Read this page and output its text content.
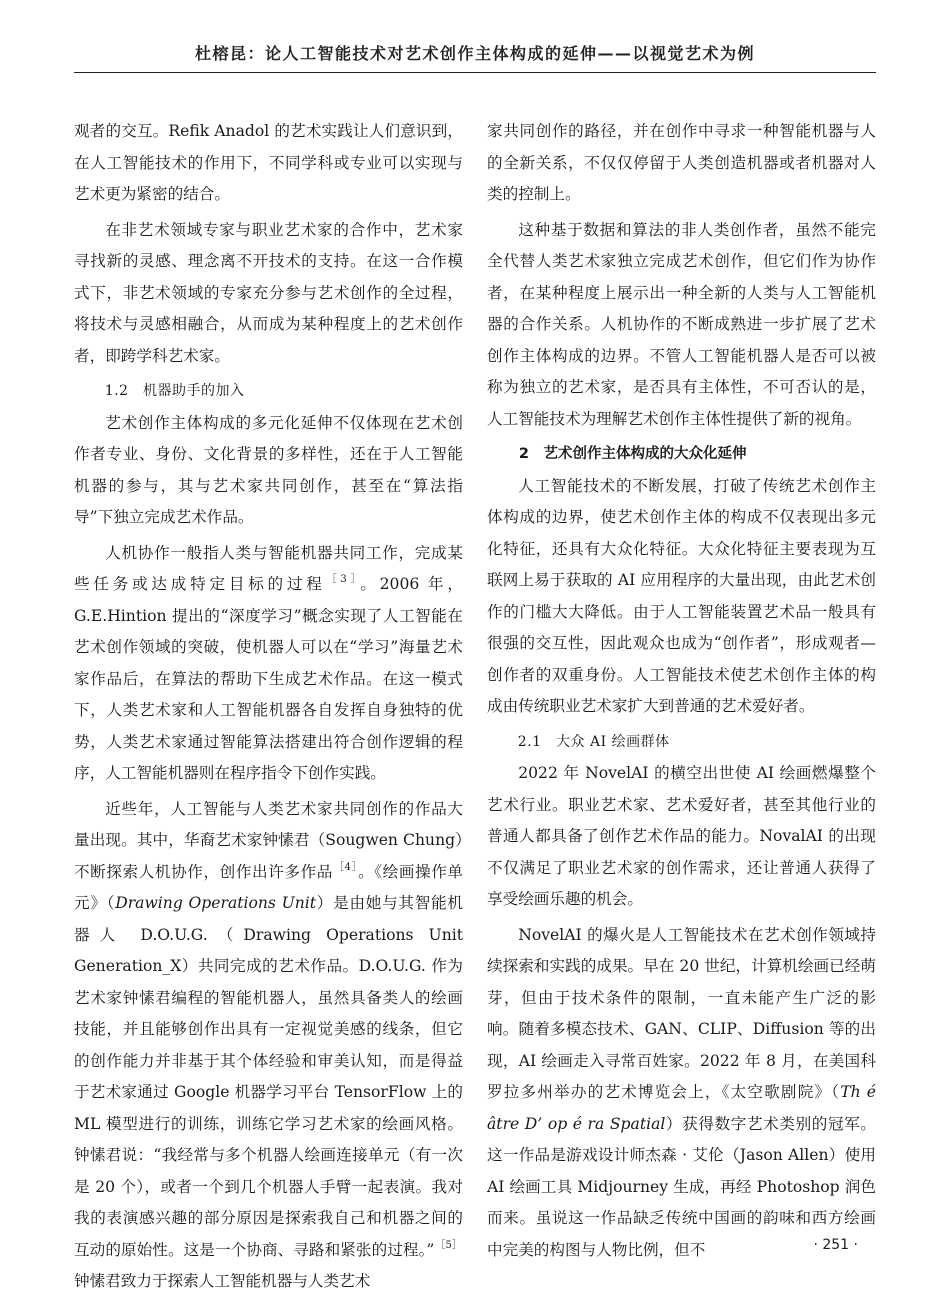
杜榕昆：论人工智能技术对艺术创作主体构成的延伸——以视觉艺术为例

观者的交互。Refik Anadol 的艺术实践让人们意识到，在人工智能技术的作用下，不同学科或专业可以实现与艺术更为紧密的结合。

在非艺术领域专家与职业艺术家的合作中，艺术家寻找新的灵感、理念离不开技术的支持。在这一合作模式下，非艺术领域的专家充分参与艺术创作的全过程，将技术与灵感相融合，从而成为某种程度上的艺术创作者，即跨学科艺术家。

1.2　机器助手的加入

艺术创作主体构成的多元化延伸不仅体现在艺术创作者专业、身份、文化背景的多样性，还在于人工智能机器的参与，其与艺术家共同创作，甚至在“算法指导”下独立完成艺术作品。

人机协作一般指人类与智能机器共同工作，完成某些任务或达成特定目标的过程$^{[3]}$。2006 年，G.E.Hintion 提出的“深度学习”概念实现了人工智能在艺术创作领域的突破，使机器人可以在“学习”海量艺术家作品后，在算法的帮助下生成艺术作品。在这一模式下，人类艺术家和人工智能机器各自发挥自身独特的优势，人类艺术家通过智能算法搭建出符合创作逻辑的程序，人工智能机器则在程序指令下创作实践。

近些年，人工智能与人类艺术家共同创作的作品大量出现。其中，华裔艺术家钟愫君（Sougwen Chung）不断探索人机协作，创作出许多作品$^{[4]}$。《绘画操作单元》（Drawing Operations Unit）是由她与其智能机器人 D.O.U.G.（Drawing Operations Unit Generation_X）共同完成的艺术作品。D.O.U.G. 作为艺术家钟愫君编程的智能机器人，虽然具备类人的绘画技能，并且能够创作出具有一定视觉美感的线条，但它的创作能力并非基于其个体经验和审美认知，而是得益于艺术家通过 Google 机器学习平台 TensorFlow 上的 ML 模型进行的训练，训练它学习艺术家的绘画风格。钟愫君说：“我经常与多个机器人绘画连接单元（有一次是 20 个），或者一个到几个机器人手臂一起表演。我对我的表演感兴趣的部分原因是探索我自己和机器之间的互动的原始性。这是一个协商、寻路和紧张的过程。”$^{[5]}$钟愫君致力于探索人工智能机器与人类艺术

家共同创作的路径，并在创作中寻求一种智能机器与人的全新关系，不仅仅停留于人类创造机器或者机器对人类的控制上。

这种基于数据和算法的非人类创作者，虽然不能完全代替人类艺术家独立完成艺术创作，但它们作为协作者，在某种程度上展示出一种全新的人类与人工智能机器的合作关系。人机协作的不断成熟进一步扩展了艺术创作主体构成的边界。不管人工智能机器人是否可以被称为独立的艺术家，是否具有主体性，不可否认的是，人工智能技术为理解艺术创作主体性提供了新的视角。

2　艺术创作主体构成的大众化延伸

人工智能技术的不断发展，打破了传统艺术创作主体构成的边界，使艺术创作主体的构成不仅表现出多元化特征，还具有大众化特征。大众化特征主要表现为互联网上易于获取的 AI 应用程序的大量出现，由此艺术创作的门槛大大降低。由于人工智能装置艺术品一般具有很强的交互性，因此观众也成为“创作者”，形成观者—创作者的双重身份。人工智能技术使艺术创作主体的构成由传统职业艺术家扩大到普通的艺术爱好者。

2.1　大众 AI 绘画群体

2022 年 NovelAI 的横空出世使 AI 绘画燃爆整个艺术行业。职业艺术家、艺术爱好者，甚至其他行业的普通人都具备了创作艺术作品的能力。NovalAI 的出现不仅满足了职业艺术家的创作需求，还让普通人获得了享受绘画乐趣的机会。

NovelAI 的爆火是人工智能技术在艺术创作领域持续探索和实践的成果。早在 20 世纪，计算机绘画已经萌芽，但由于技术条件的限制，一直未能产生广泛的影响。随着多模态技术、GAN、CLIP、Diffusion 等的出现，AI 绘画走入寻常百姓家。2022 年 8 月，在美国科罗拉多州举办的艺术博览会上，《太空歌剧院》（Th é âtre D’ op é ra Spatial）获得数字艺术类别的冠军。这一作品是游戏设计师杰森 · 艾伦（Jason Allen）使用 AI 绘画工具 Midjourney 生成，再经 Photoshop 润色而来。虽说这一作品缺乏传统中国画的韵味和西方绘画中完美的构图与人物比例，但不	· 251 ·
